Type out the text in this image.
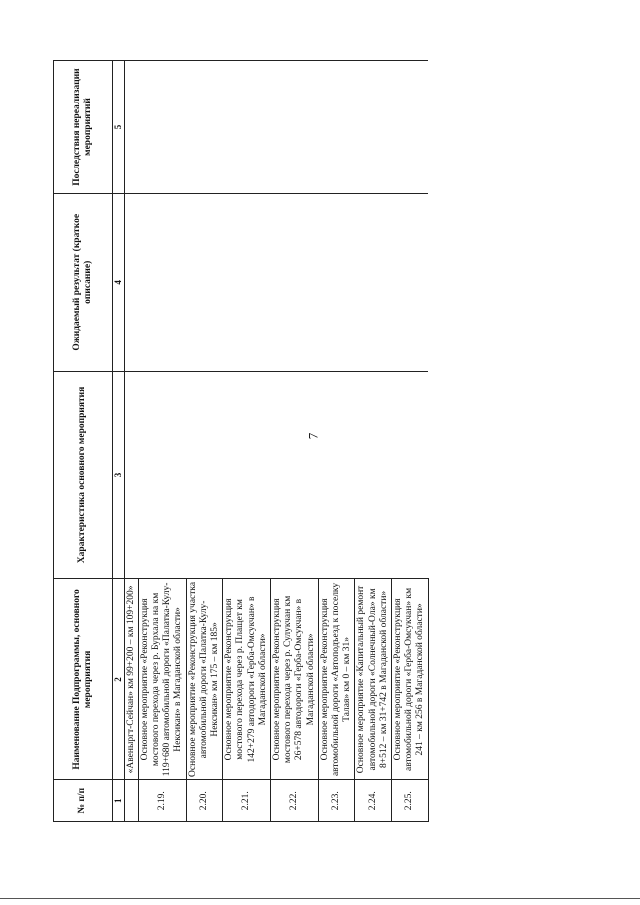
7
№ п/п	Наименование Подпрограммы, основного мероприятия	Характеристика основного мероприятия	Ожидаемый результат (краткое описание)	Последствия нереализации мероприятий
1	2	3	4	5
	«Авеныргт-Сейчан» км 99+200 – км 109+200»			
2.19.	Основное мероприятие «Реконструкция мостового перехода через р. Бурхала на км 119+680 автомобильной дороги «Палатка-Кулу-Нексикан» в Магаданской области»			
2.20.	Основное мероприятие «Реконструкция участка автомобильной дороги «Палатка-Кулу-Нексикан» км 175 – км 185»			
2.21.	Основное мероприятие «Реконструкция мостового перехода через р. Плащет км 142+279 автодороги «Герба-Омсукчан» в Магаданской области»			
2.22.	Основное мероприятие «Реконструкция мостового перехода через р. Сулукчан км 26+578 автодороги «Герба-Омсукчан» в Магаданской области»			
2.23.	Основное мероприятие «Реконструкция автомобильной дороги «Автоподъезд к поселку Талая» км 0 – км 31»			
2.24.	Основное мероприятие «Капитальный ремонт автомобильной дороги «Солнечный-Ола» км 8+512 – км 31+742 в Магаданской области»			
2.25.	Основное мероприятие «Реконструкция автомобильной дороги «Герба-Омсукчан» км 241 – км 256 в Магаданской области»			
